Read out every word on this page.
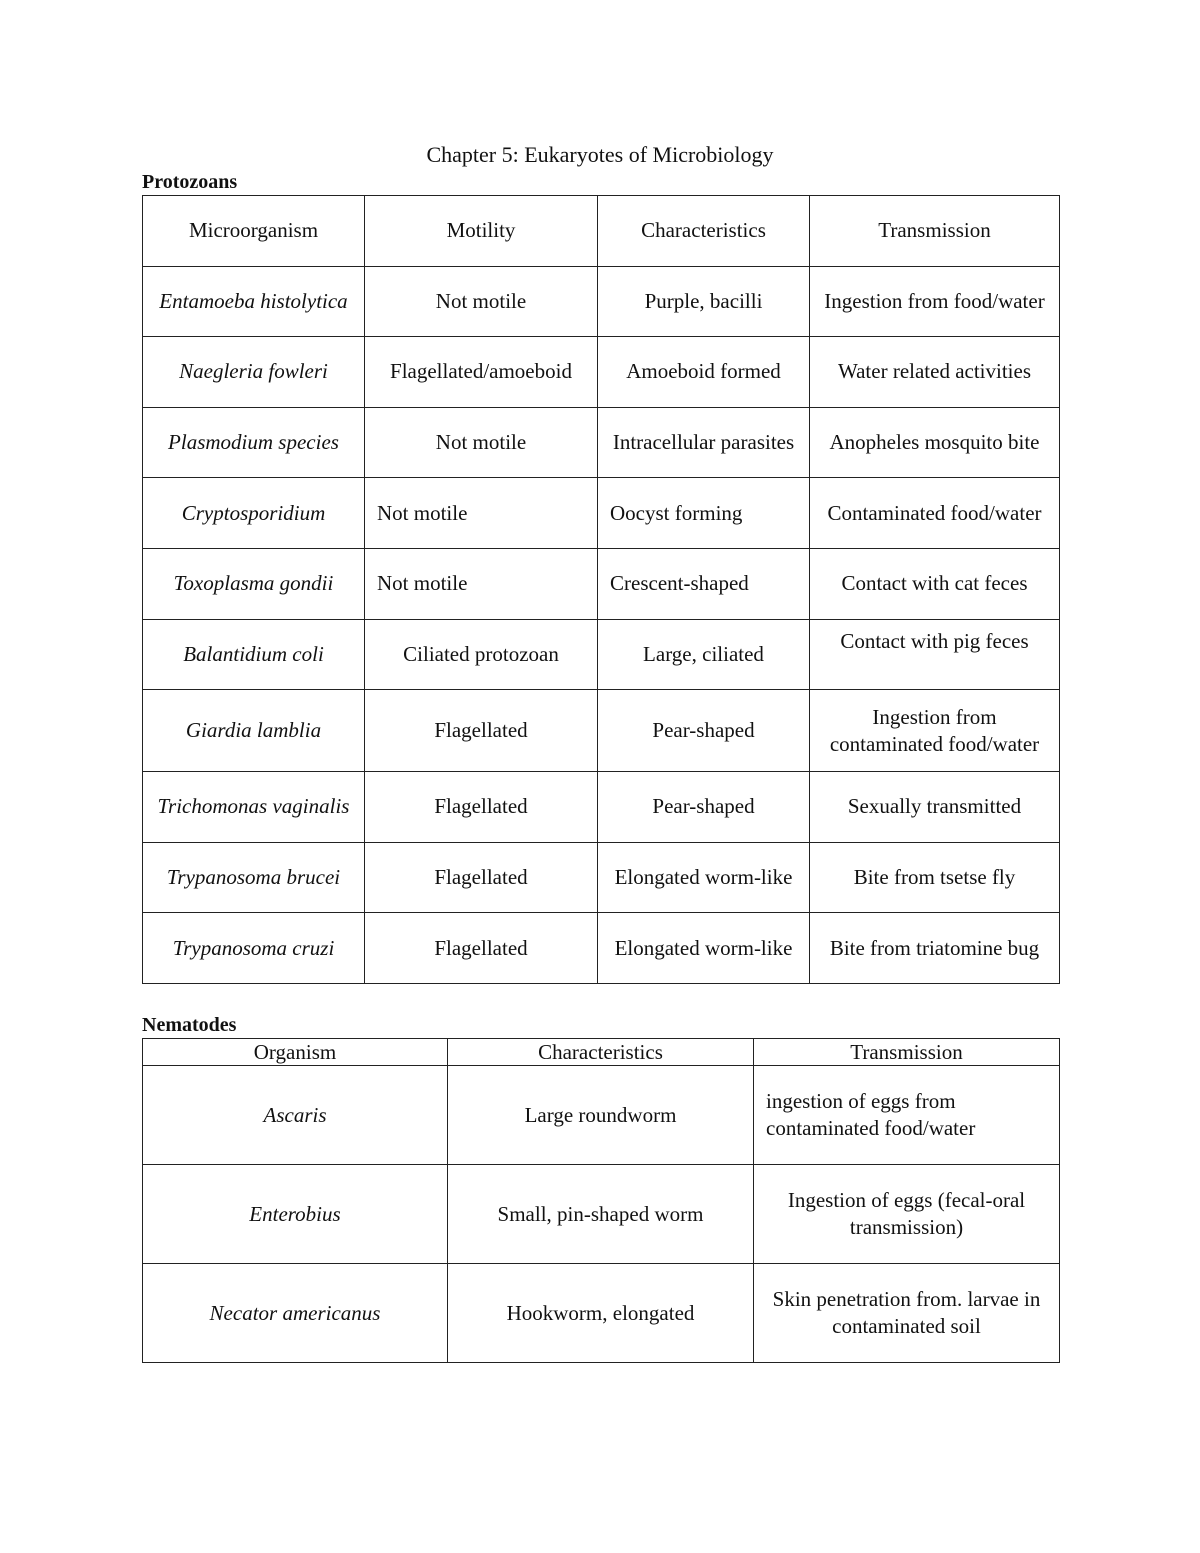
Chapter 5: Eukaryotes of Microbiology
Protozoans
Microorganism	Motility	Characteristics	Transmission
Entamoeba histolytica	Not motile	Purple, bacilli	Ingestion from food/water
Naegleria fowleri	Flagellated/amoeboid	Amoeboid formed	Water related activities
Plasmodium species	Not motile	Intracellular parasites	Anopheles mosquito bite
Cryptosporidium	Not motile	Oocyst forming	Contaminated food/water
Toxoplasma gondii	Not motile	Crescent-shaped	Contact with cat feces
Balantidium coli	Ciliated protozoan	Large, ciliated	Contact with pig feces
Giardia lamblia	Flagellated	Pear-shaped	Ingestion from contaminated food/water
Trichomonas vaginalis	Flagellated	Pear-shaped	Sexually transmitted
Trypanosoma brucei	Flagellated	Elongated worm-like	Bite from tsetse fly
Trypanosoma cruzi	Flagellated	Elongated worm-like	Bite from triatomine bug
Nematodes
Organism	Characteristics	Transmission
Ascaris	Large roundworm	ingestion of eggs from contaminated food/water
Enterobius	Small, pin-shaped worm	Ingestion of eggs (fecal-oral transmission)
Necator americanus	Hookworm, elongated	Skin penetration from. larvae in contaminated soil
